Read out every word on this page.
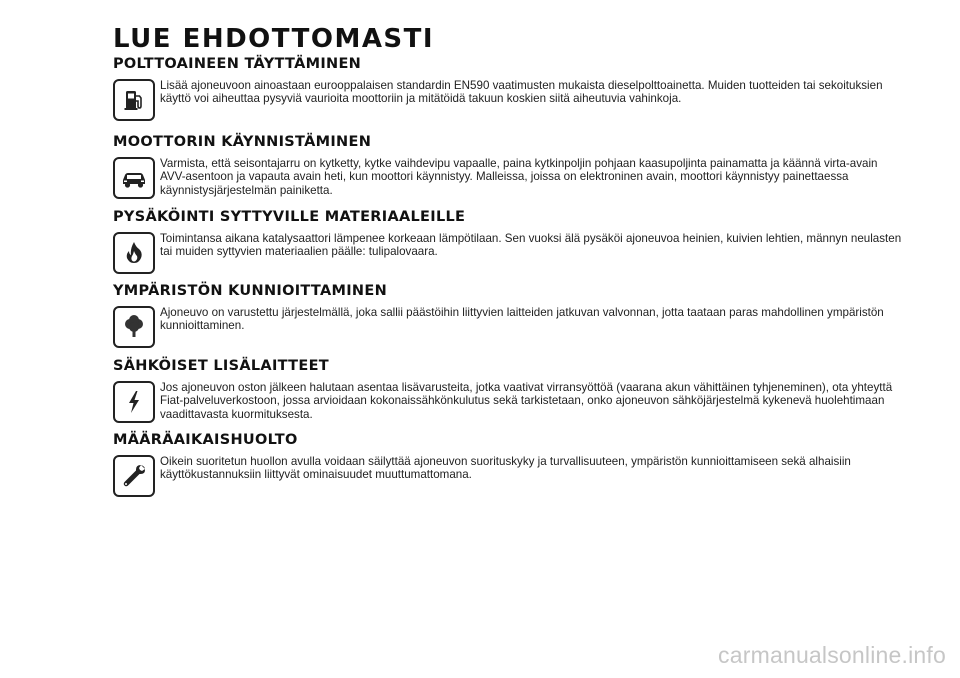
LUE EHDOTTOMASTI
POLTTOAINEEN TÄYTTÄMINEN

Lisää ajoneuvoon ainoastaan eurooppalaisen standardin EN590 vaatimusten mukaista dieselpolttoainetta. Muiden tuotteiden tai sekoituksien käyttö voi aiheuttaa pysyviä vaurioita moottoriin ja mitätöidä takuun koskien siitä aiheutuvia vahinkoja.

MOOTTORIN KÄYNNISTÄMINEN

Varmista, että seisontajarru on kytketty, kytke vaihdevipu vapaalle, paina kytkinpoljin pohjaan kaasupoljinta painamatta ja käännä virta-avain AVV-asentoon ja vapauta avain heti, kun moottori käynnistyy. Malleissa, joissa on elektroninen avain, moottori käynnistyy painettaessa käynnistysjärjestelmän painiketta.

PYSÄKÖINTI SYTTYVILLE MATERIAALEILLE

Toimintansa aikana katalysaattori lämpenee korkeaan lämpötilaan. Sen vuoksi älä pysäköi ajoneuvoa heinien, kuivien lehtien, männyn neulasten tai muiden syttyvien materiaalien päälle: tulipalovaara.

YMPÄRISTÖN KUNNIOITTAMINEN

Ajoneuvo on varustettu järjestelmällä, joka sallii päästöihin liittyvien laitteiden jatkuvan valvonnan, jotta taataan paras mahdollinen ympäristön kunnioittaminen.

SÄHKÖISET LISÄLAITTEET

Jos ajoneuvon oston jälkeen halutaan asentaa lisävarusteita, jotka vaativat virransyöttöä (vaarana akun vähittäinen tyhjeneminen), ota yhteyttä Fiat-palveluverkostoon, jossa arvioidaan kokonaissähkönkulutus sekä tarkistetaan, onko ajoneuvon sähköjärjestelmä kykenevä huolehtimaan vaadittavasta kuormituksesta.

MÄÄRÄAIKAISHUOLTO

Oikein suoritetun huollon avulla voidaan säilyttää ajoneuvon suorituskyky ja turvallisuuteen, ympäristön kunnioittamiseen sekä alhaisiin käyttökustannuksiin liittyvät ominaisuudet muuttumattomana.

carmanualsonline.info
